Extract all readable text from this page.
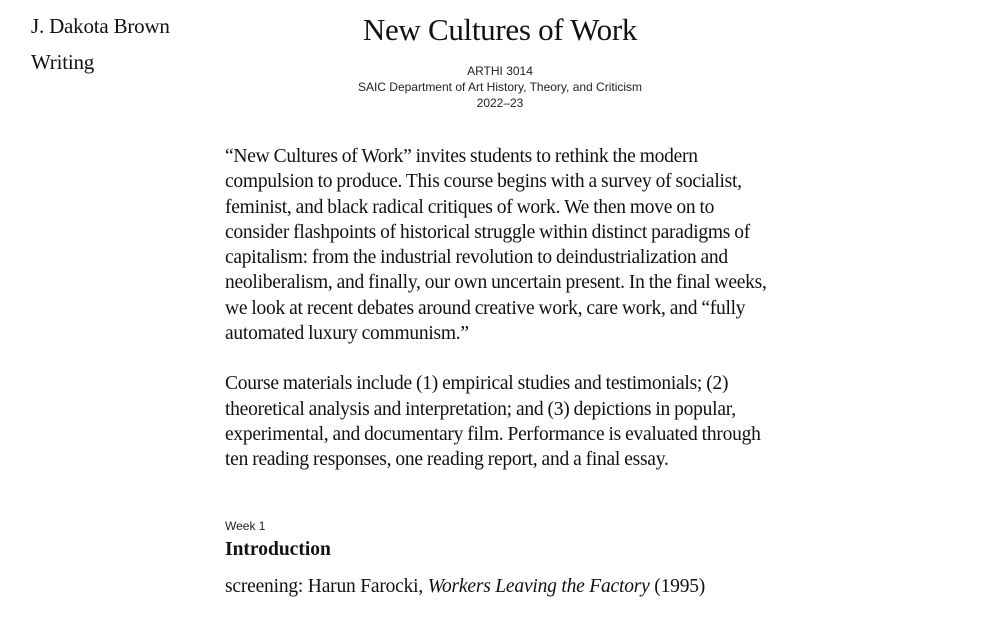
J. Dakota Brown
Writing
New Cultures of Work
ARTHI 3014
SAIC Department of Art History, Theory, and Criticism
2022–23

“New Cultures of Work” invites students to rethink the modern compulsion to produce. This course begins with a survey of socialist, feminist, and black radical critiques of work. We then move on to consider flashpoints of historical struggle within distinct paradigms of capitalism: from the industrial revolution to deindustrialization and neoliberalism, and finally, our own uncertain present. In the final weeks, we look at recent debates around creative work, care work, and “fully automated luxury communism.”

Course materials include (1) empirical studies and testimonials; (2) theoretical analysis and interpretation; and (3) depictions in popular, experimental, and documentary film. Performance is evaluated through ten reading responses, one reading report, and a final essay.

Week 1
Introduction
screening: Harun Farocki, Workers Leaving the Factory (1995)
